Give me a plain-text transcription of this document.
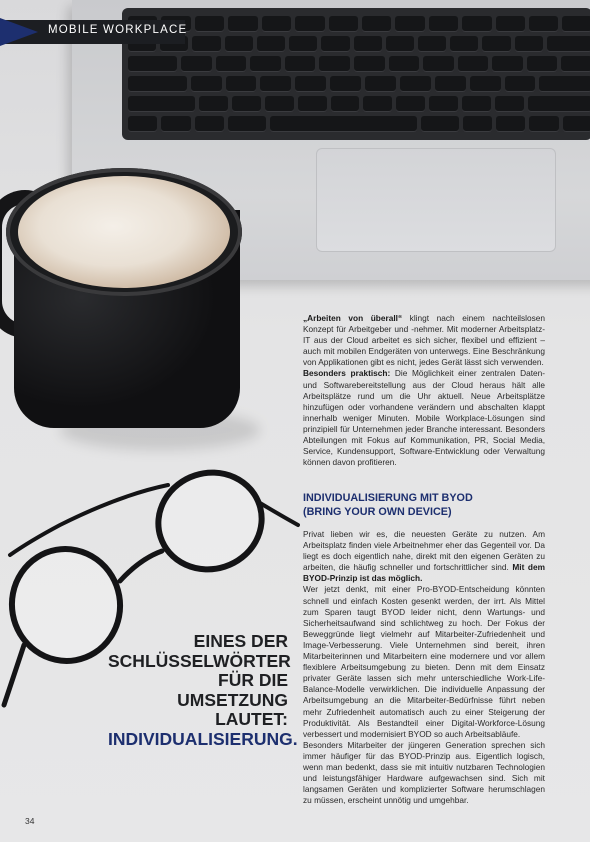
MOBILE WORKPLACE

„Arbeiten von überall“ klingt nach einem nachteilslosen Konzept für Arbeitgeber und -nehmer. Mit moderner Arbeitsplatz-IT aus der Cloud arbeitet es sich sicher, flexibel und effizient – auch mit mobilen Endgeräten von unterwegs. Eine Beschränkung von Applikationen gibt es nicht, jedes Gerät lässt sich verwenden.

Besonders praktisch: Die Möglichkeit einer zentralen Daten- und Softwarebereitstellung aus der Cloud heraus hält alle Arbeitsplätze rund um die Uhr aktuell. Neue Arbeitsplätze hinzufügen oder vorhandene verändern und abschalten klappt innerhalb weniger Minuten. Mobile Workplace-Lösungen sind prinzipiell für Unternehmen jeder Branche interessant. Besonders Abteilungen mit Fokus auf Kommunikation, PR, Social Media, Service, Kundensupport, Software-Entwicklung oder Verwaltung können davon profitieren.

INDIVIDUALISIERUNG MIT BYOD
(BRING YOUR OWN DEVICE)

Privat lieben wir es, die neuesten Geräte zu nutzen. Am Arbeitsplatz finden viele Arbeitnehmer eher das Gegenteil vor. Da liegt es doch eigentlich nahe, direkt mit den eigenen Geräten zu arbeiten, die häufig schneller und fortschrittlicher sind. Mit dem BYOD-Prinzip ist das möglich.

Wer jetzt denkt, mit einer Pro-BYOD-Entscheidung könnten schnell und einfach Kosten gesenkt werden, der irrt. Als Mittel zum Sparen taugt BYOD leider nicht, denn Wartungs- und Sicherheitsaufwand sind schlichtweg zu hoch. Der Fokus der Beweggründe liegt vielmehr auf Mitarbeiter-Zufriedenheit und Image-Verbesserung. Viele Unternehmen sind bereit, ihren Mitarbeiterinnen und Mitarbeitern eine modernere und vor allem flexiblere Arbeitsumgebung zu bieten. Denn mit dem Einsatz privater Geräte lassen sich mehr unterschiedliche Work-Life-Balance-Modelle verwirklichen. Die individuelle Anpassung der Arbeitsumgebung an die Mitarbeiter-Bedürfnisse führt neben mehr Zufriedenheit automatisch auch zu einer Steigerung der Produktivität. Als Bestandteil einer Digital-Workforce-Lösung verbessert und modernisiert BYOD so auch Arbeitsabläufe.

Besonders Mitarbeiter der jüngeren Generation sprechen sich immer häufiger für das BYOD-Prinzip aus. Eigentlich logisch, wenn man bedenkt, dass sie mit intuitiv nutzbaren Technologien und leistungsfähiger Hardware aufgewachsen sind. Sich mit langsamen Geräten und komplizierter Software herumschlagen zu müssen, erscheint unnötig und umgehbar.

EINES DER
SCHLÜSSELWÖRTER
FÜR DIE UMSETZUNG
LAUTET:
INDIVIDUALISIERUNG.
34
